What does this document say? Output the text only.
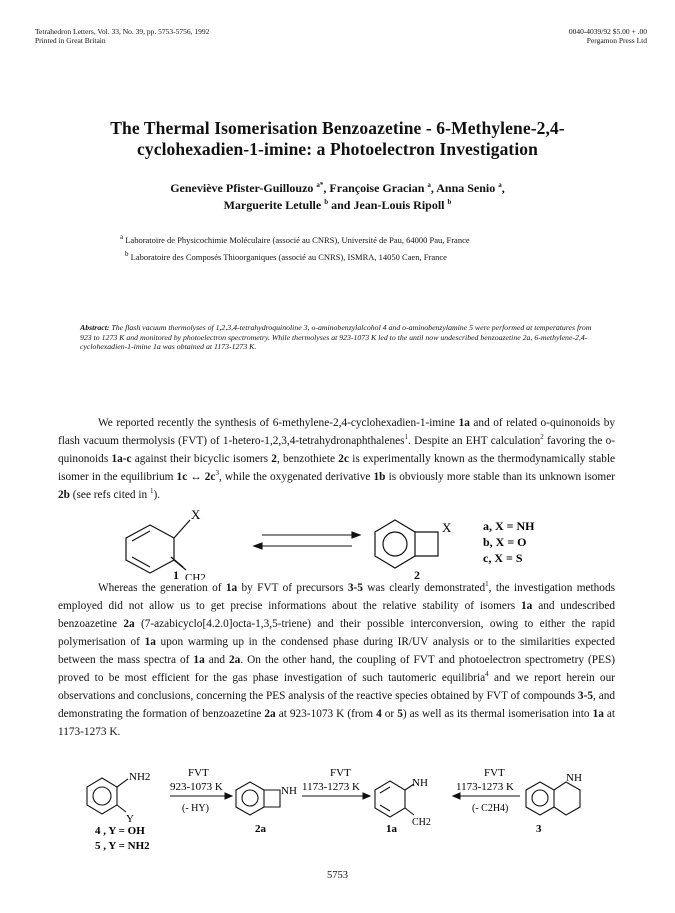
Tetrahedron Letters, Vol. 33, No. 39, pp. 5753-5756, 1992
Printed in Great Britain
0040-4039/92 $5.00 + .00
Pergamon Press Ltd
The Thermal Isomerisation Benzoazetine - 6-Methylene-2,4-
cyclohexadien-1-imine: a Photoelectron Investigation
Geneviève Pfister-Guillouzo $^{a*}$, Françoise Gracian $^a$, Anna Senio $^a$,
Marguerite Letulle $^b$ and Jean-Louis Ripoll $^b$
$^a$ Laboratoire de Physicochimie Moléculaire (associé au CNRS), Université de Pau, 64000 Pau, France
$^b$ Laboratoire des Composés Thioorganiques (associé au CNRS), ISMRA, 14050 Caen, France
Abstract: The flash vacuum thermolyses of 1,2,3,4-tetrahydroquinoline 3, o-aminobenzylalcohol 4 and o-aminobenzylamine 5 were performed at temperatures from 923 to 1273 K and monitored by photoelectron spectrometry. While thermolyses at 923-1073 K led to the until now undescribed benzoazetine 2a, 6-methylene-2,4-cyclohexadien-1-imine 1a was obtained at 1173-1273 K.
We reported recently the synthesis of 6-methylene-2,4-cyclohexadien-1-imine 1a and of related o-quinonoids by flash vacuum thermolysis (FVT) of 1-hetero-1,2,3,4-tetrahydronaphthalenes$^1$. Despite an EHT calculation$^2$ favoring the o-quinonoids 1a-c against their bicyclic isomers 2, benzothiete 2c is experimentally known as the thermodynamically stable isomer in the equilibrium 1c ↔ $2c^3$, while the oxygenated derivative 1b is obviously more stable than its unknown isomer 2b (see refs cited in $^1$).
X
CH2
X	a, X = NH
b, X = O
c, X = S
1	2
Whereas the generation of 1a by FVT of precursors 3-5 was clearly demonstrated$^1$, the investigation methods employed did not allow us to get precise informations about the relative stability of isomers 1a and undescribed benzoazetine 2a (7-azabicyclo[4.2.0]octa-1,3,5-triene) and their possible interconversion, owing to either the rapid polymerisation of 1a upon warming up in the condensed phase during IR/UV analysis or to the similarities expected between the mass spectra of 1a and 2a. On the other hand, the coupling of FVT and photoelectron spectrometry (PES) proved to be most efficient for the gas phase investigation of such tautomeric equilibria$^4$ and we report herein our observations and conclusions, concerning the PES analysis of the reactive species obtained by FVT of compounds 3-5, and demonstrating the formation of benzoazetine 2a at 923-1073 K (from 4 or 5) as well as its thermal isomerisation into 1a at 1173-1273 K.
NH2
Y
4 , Y = OH
5 , Y = NH2
FVT
923-1073 K
(- HY)
NH
2a
FVT
1173-1273 K	NH
CH2
1a
FVT
1173-1273 K
(- C2H4)
NH
3
5753
